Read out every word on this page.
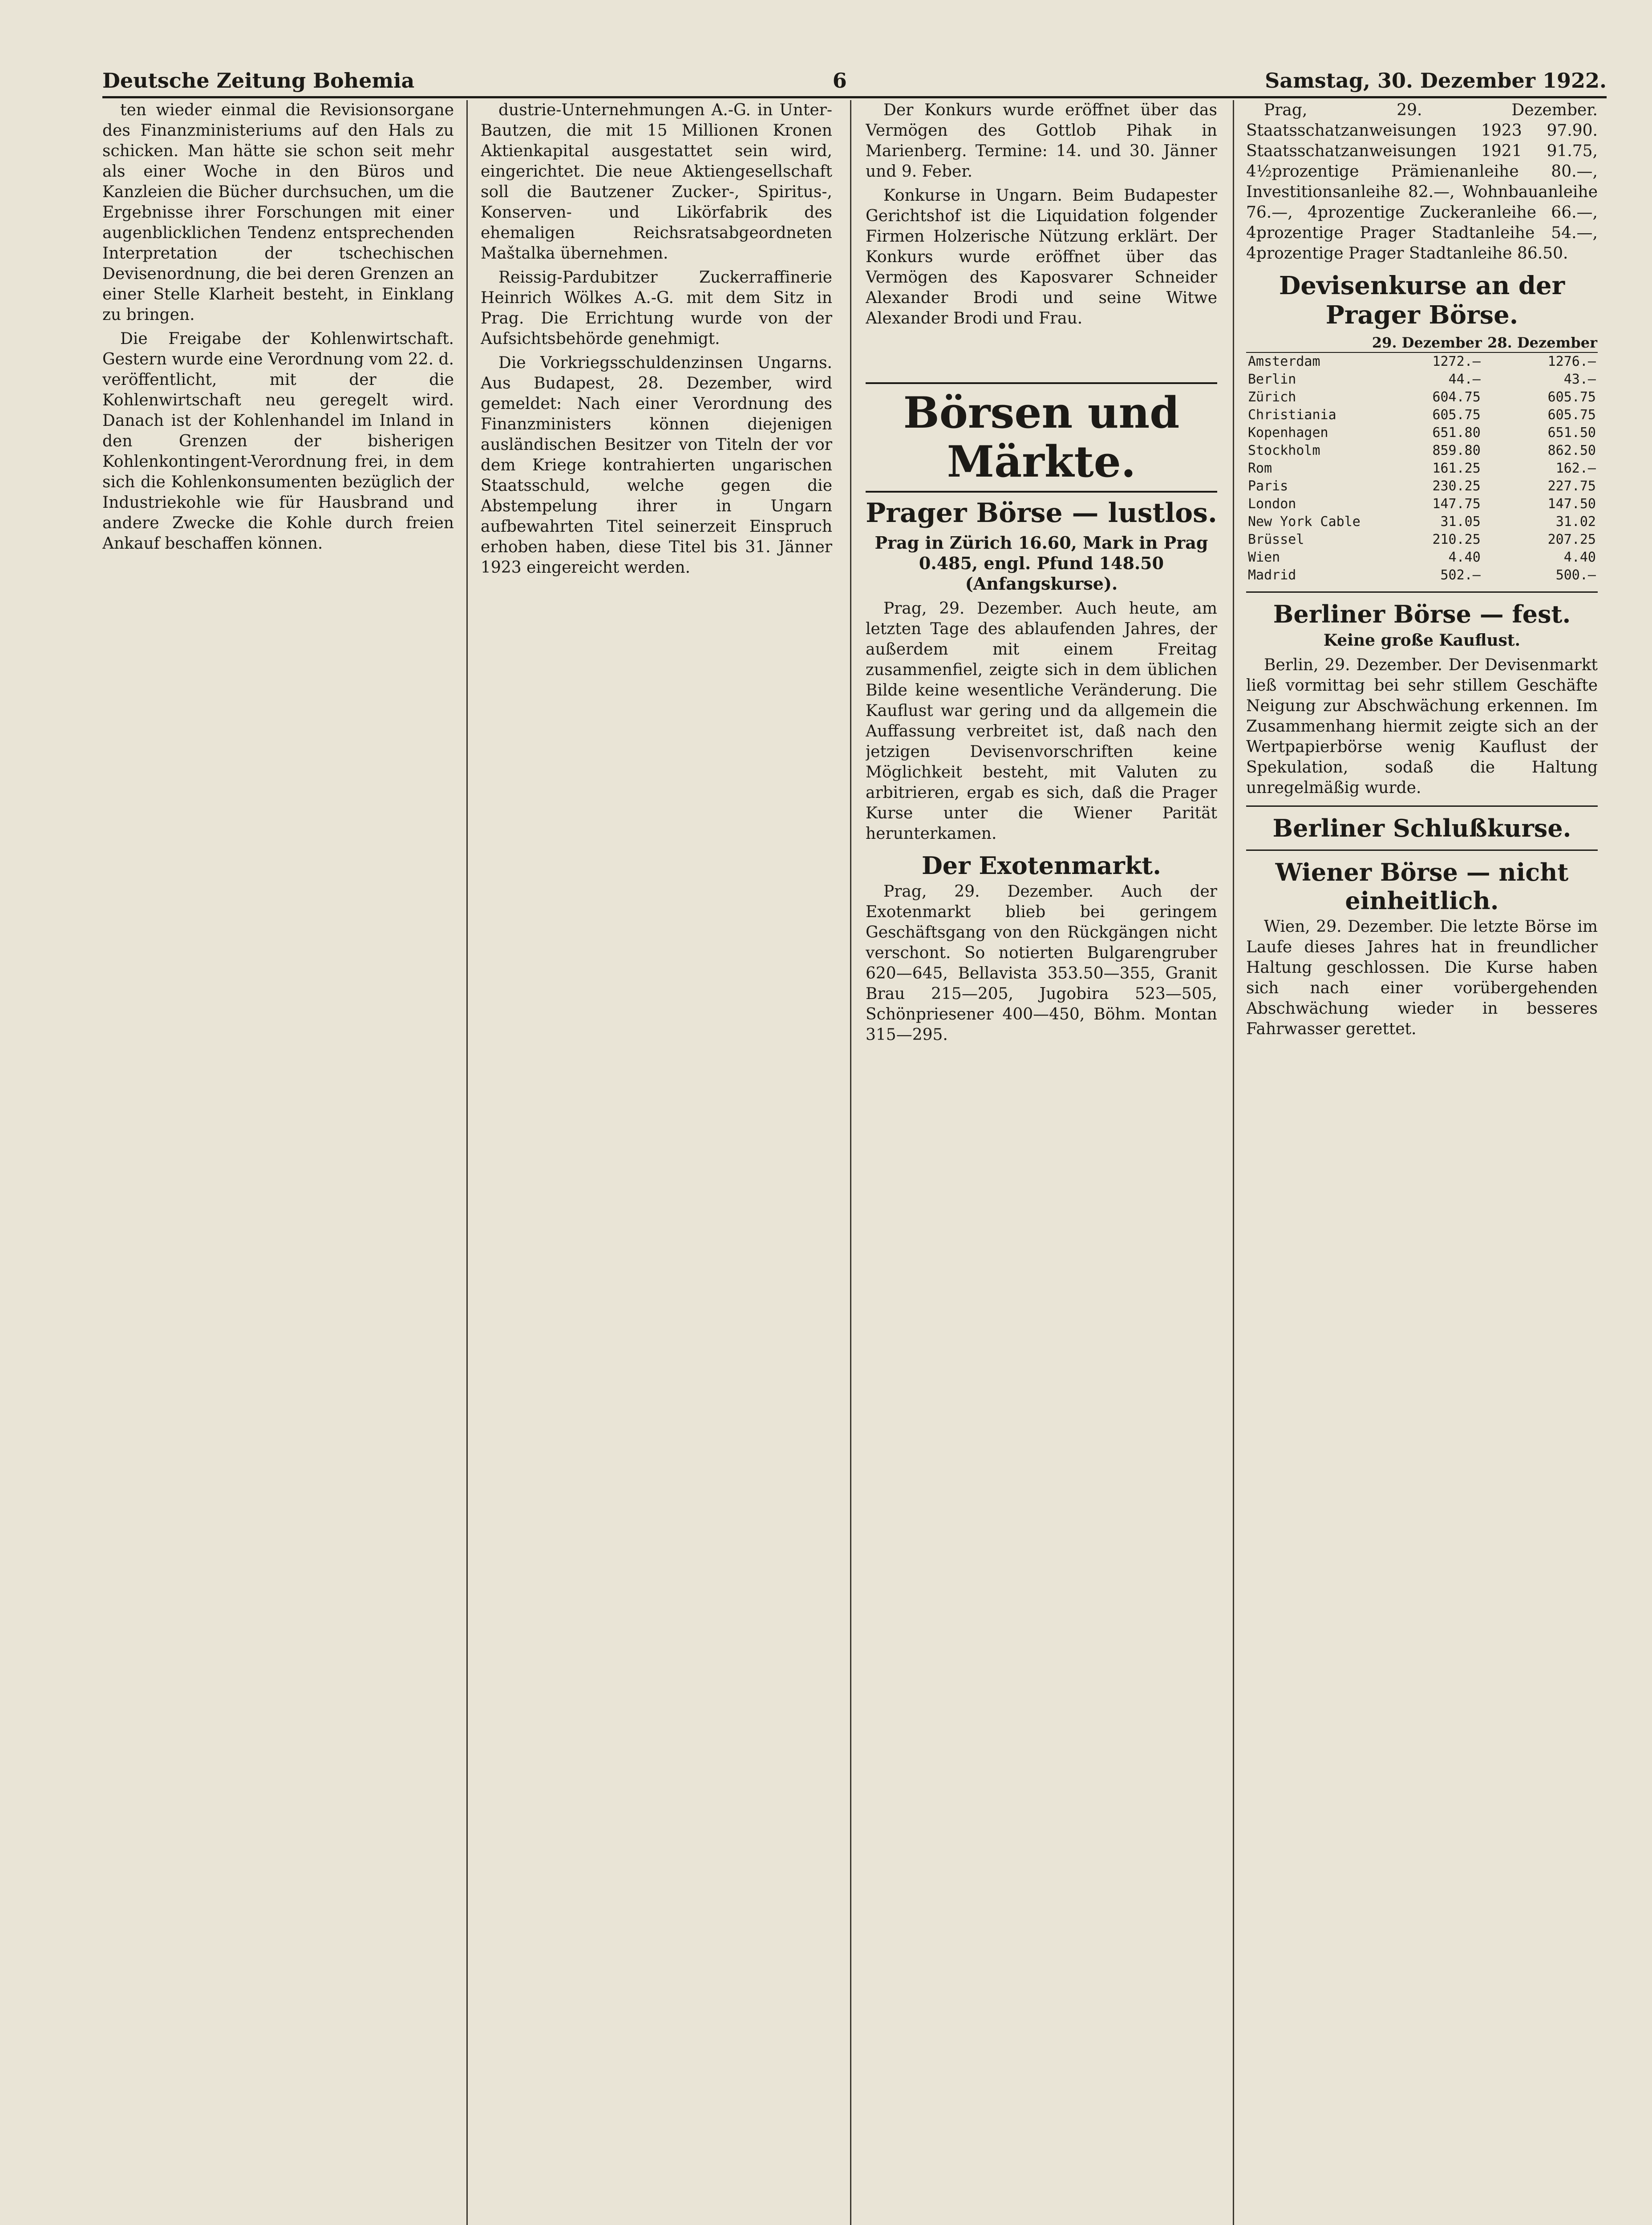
Deutsche Zeitung Bohemia	6	Samstag, 30. Dezember 1922.

ten wieder einmal die Revisionsorgane des Finanzministeriums auf den Hals zu schicken. Man hätte sie schon seit mehr als einer Woche in den Büros und Kanzleien die Bücher durchsuchen, um die Ergebnisse ihrer Forschungen mit einer augenblicklichen Tendenz entsprechenden Interpretation der tschechischen Devisenordnung, die bei deren Grenzen an einer Stelle Klarheit besteht, in Einklang zu bringen.

Die Freigabe der Kohlenwirtschaft. Gestern wurde eine Verordnung vom 22. d. veröffentlicht, mit der die Kohlenwirtschaft neu geregelt wird. Danach ist der Kohlenhandel im Inland in den Grenzen der bisherigen Kohlenkontingent-Verordnung frei, in dem sich die Kohlenkonsumenten bezüglich der Industriekohle wie für Hausbrand und andere Zwecke die Kohle durch freien Ankauf beschaffen können.

dustrie-Unternehmungen A.-G. in Unter-Bautzen, die mit 15 Millionen Kronen Aktienkapital ausgestattet sein wird, eingerichtet. Die neue Aktiengesellschaft soll die Bautzener Zucker-, Spiritus-, Konserven- und Likörfabrik des ehemaligen Reichsratsabgeordneten Maštalka übernehmen.

Reissig-Pardubitzer Zuckerraffinerie Heinrich Wölkes A.-G. mit dem Sitz in Prag. Die Errichtung wurde von der Aufsichtsbehörde genehmigt.

Die Vorkriegsschuldenzinsen Ungarns. Aus Budapest, 28. Dezember, wird gemeldet: Nach einer Verordnung des Finanzministers können diejenigen ausländischen Besitzer von Titeln der vor dem Kriege kontrahierten ungarischen Staatsschuld, welche gegen die Abstempelung ihrer in Ungarn aufbewahrten Titel seinerzeit Einspruch erhoben haben, diese Titel bis 31. Jänner 1923 eingereicht werden.

Der Konkurs wurde eröffnet über das Vermögen des Gottlob Pihak in Marienberg. Termine: 14. und 30. Jänner und 9. Feber.

Konkurse in Ungarn. Beim Budapester Gerichtshof ist die Liquidation folgender Firmen Holzerische Nützung erklärt. Der Konkurs wurde eröffnet über das Vermögen des Kaposvarer Schneider Alexander Brodi und seine Witwe Alexander Brodi und Frau.

Börsen und Märkte.
Prager Börse — lustlos.
Prag in Zürich 16.60, Mark in Prag 0.485, engl. Pfund 148.50 (Anfangskurse).

Prag, 29. Dezember. Auch heute, am letzten Tage des ablaufenden Jahres, der außerdem mit einem Freitag zusammenfiel, zeigte sich in dem üblichen Bilde keine wesentliche Veränderung. Die Kauflust war gering und da allgemein die Auffassung verbreitet ist, daß nach den jetzigen Devisenvorschriften keine Möglichkeit besteht, mit Valuten zu arbitrieren, ergab es sich, daß die Prager Kurse unter die Wiener Parität herunterkamen.

Der Exotenmarkt.

Prag, 29. Dezember. Auch der Exotenmarkt blieb bei geringem Geschäftsgang von den Rückgängen nicht verschont. So notierten Bulgarengruber 620—645, Bellavista 353.50—355, Granit Brau 215—205, Jugobira 523—505, Schönpriesener 400—450, Böhm. Montan 315—295.

Prag, 29. Dezember. Staatsschatzanweisungen 1923 97.90. Staatsschatzanweisungen 1921 91.75, 4½prozentige Prämienanleihe 80.—, Investitionsanleihe 82.—, Wohnbauanleihe 76.—, 4prozentige Zuckeranleihe 66.—, 4prozentige Prager Stadtanleihe 54.—, 4prozentige Prager Stadtanleihe 86.50.

Devisenkurse an der Prager Börse.
	29. Dezember	28. Dezember
Amsterdam	1272.—	1276.—
Berlin	44.—	43.—
Zürich	604.75	605.75
Christiania	605.75	605.75
Kopenhagen	651.80	651.50
Stockholm	859.80	862.50
Rom	161.25	162.—
Paris	230.25	227.75
London	147.75	147.50
New York Cable	31.05	31.02
Brüssel	210.25	207.25
Wien	4.40	4.40
Madrid	502.—	500.—
Berliner Börse — fest.
Keine große Kauflust.

Berlin, 29. Dezember. Der Devisenmarkt ließ vormittag bei sehr stillem Geschäfte Neigung zur Abschwächung erkennen. Im Zusammenhang hiermit zeigte sich an der Wertpapierbörse wenig Kauflust der Spekulation, sodaß die Haltung unregelmäßig wurde.

Berliner Schlußkurse.
Wiener Börse — nicht einheitlich.

Wien, 29. Dezember. Die letzte Börse im Laufe dieses Jahres hat in freundlicher Haltung geschlossen. Die Kurse haben sich nach einer vorübergehenden Abschwächung wieder in besseres Fahrwasser gerettet.
